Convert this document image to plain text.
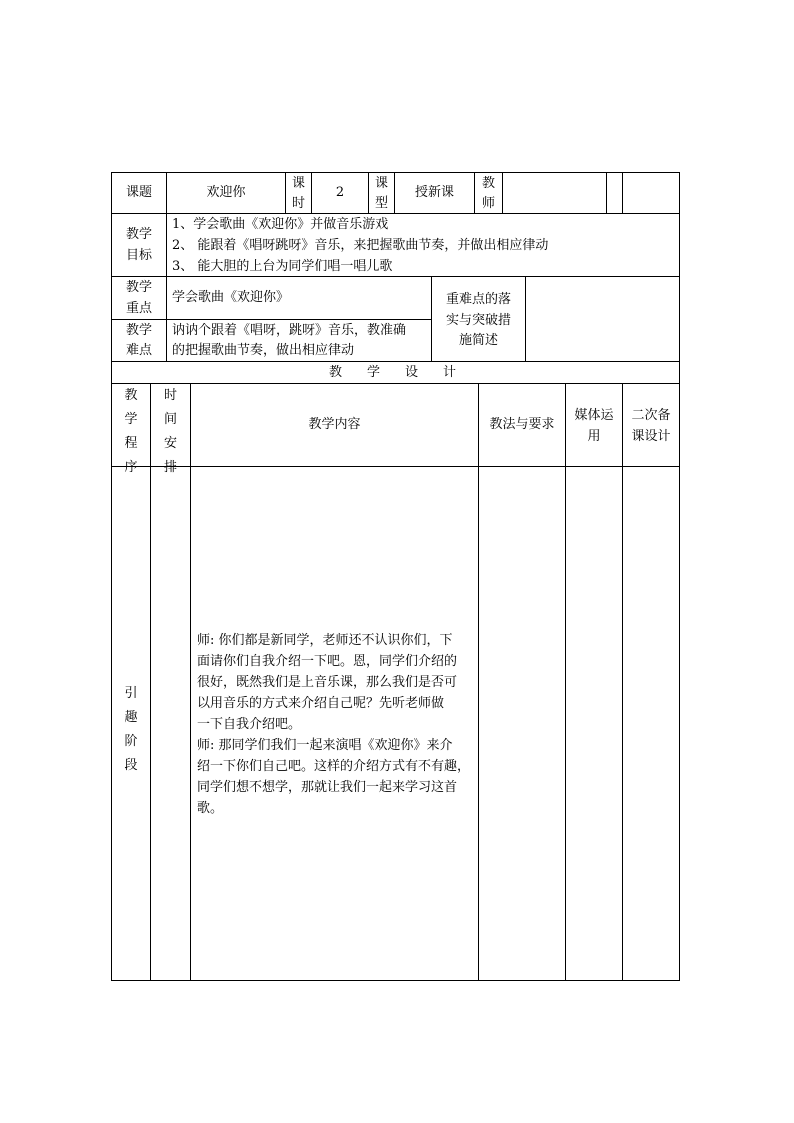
课题	欢迎你
课
时
2
课
型
授新课
教
师
教学
目标
1、学会歌曲《欢迎你》并做音乐游戏
2、 能跟着《唱呀跳呀》音乐，来把握歌曲节奏，并做出相应律动
3、 能大胆的上台为同学们唱一唱儿歌
教学
重点
学会歌曲《欢迎你》
教学
难点
讷讷个跟着《唱呀，跳呀》音乐，教准确
的把握歌曲节奏，做出相应律动
重难点的落
实与突破措
施简述
教　学　设　计
教
学
程
序
时
间
安
排
教学内容	教法与要求
媒体运
用
二次备
课设计
引
趣
阶
段
师: 你们都是新同学，老师还不认识你们，下
面请你们自我介绍一下吧。恩，同学们介绍的
很好，既然我们是上音乐课，那么我们是否可
以用音乐的方式来介绍自己呢？先听老师做
一下自我介绍吧。
师: 那同学们我们一起来演唱《欢迎你》来介
绍一下你们自己吧。这样的介绍方式有不有趣，
同学们想不想学，那就让我们一起来学习这首
歌。
